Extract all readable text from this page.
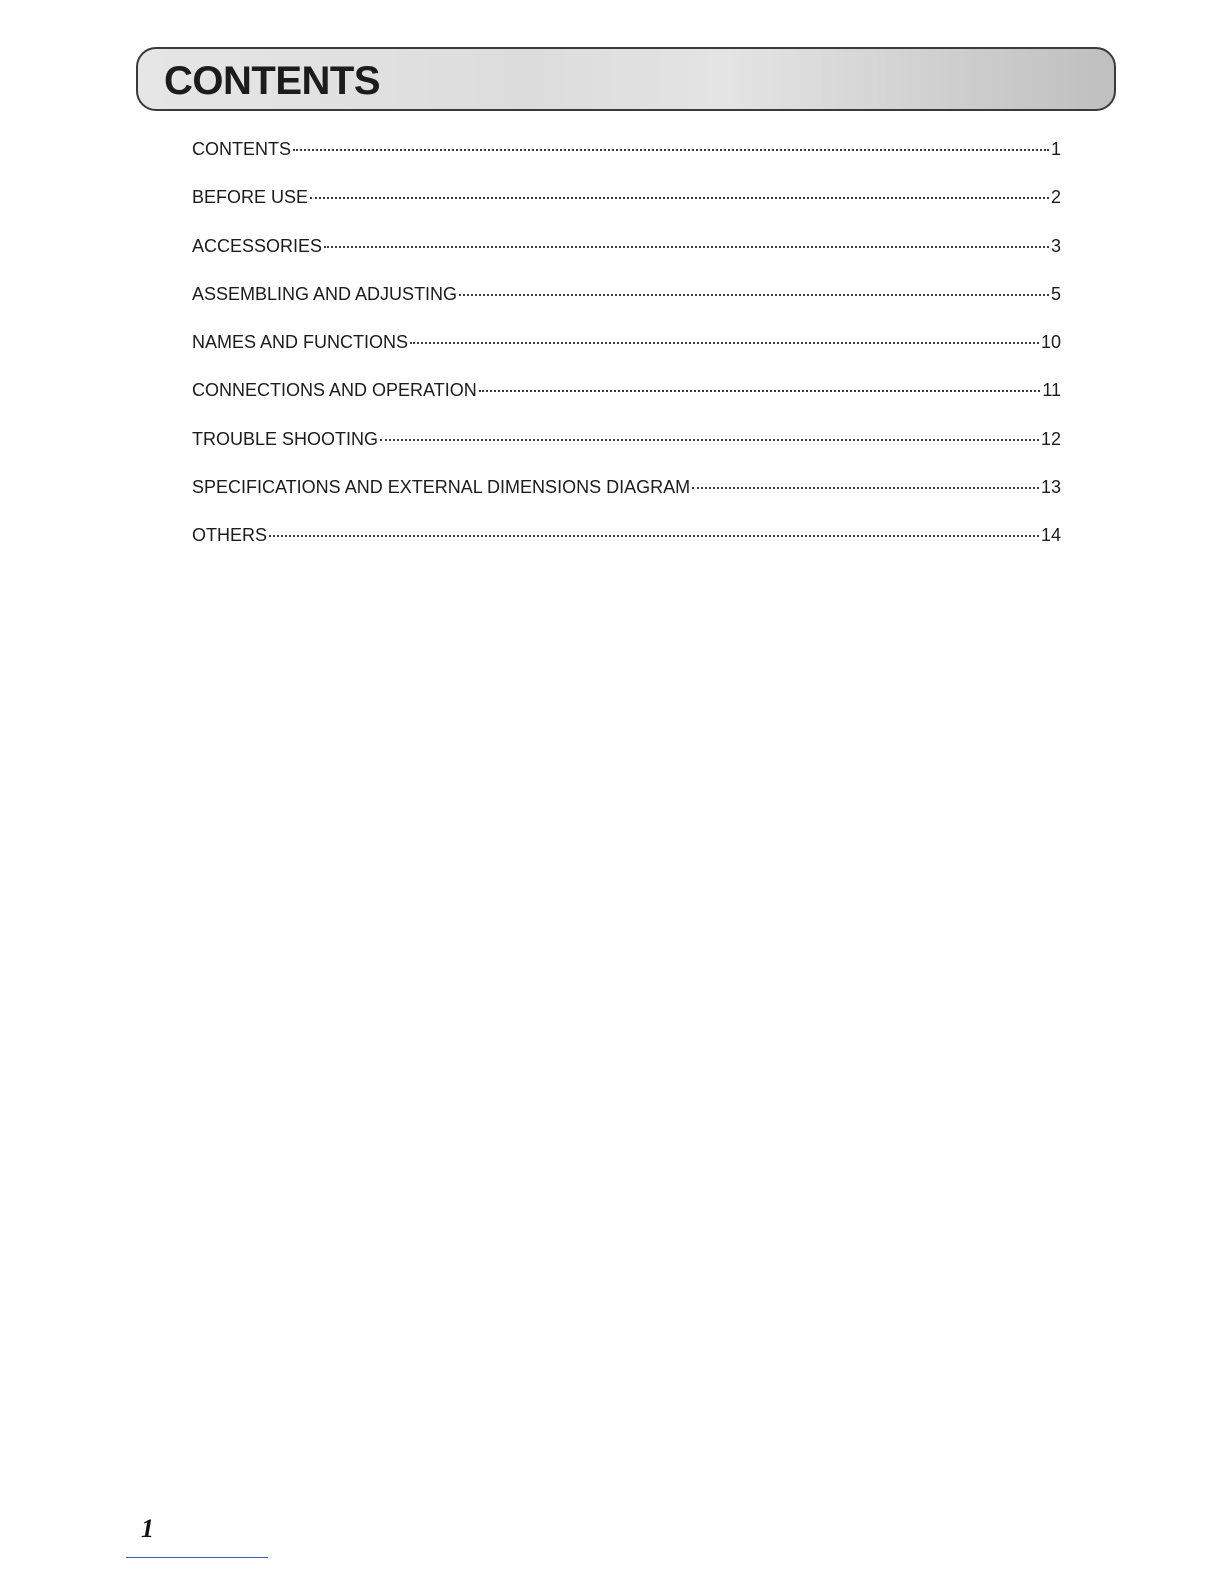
CONTENTS
CONTENTS	1
BEFORE USE	2
ACCESSORIES	3
ASSEMBLING AND ADJUSTING	5
NAMES AND FUNCTIONS	10
CONNECTIONS AND OPERATION	11
TROUBLE SHOOTING	12
SPECIFICATIONS AND EXTERNAL DIMENSIONS DIAGRAM	13
OTHERS	14
1
